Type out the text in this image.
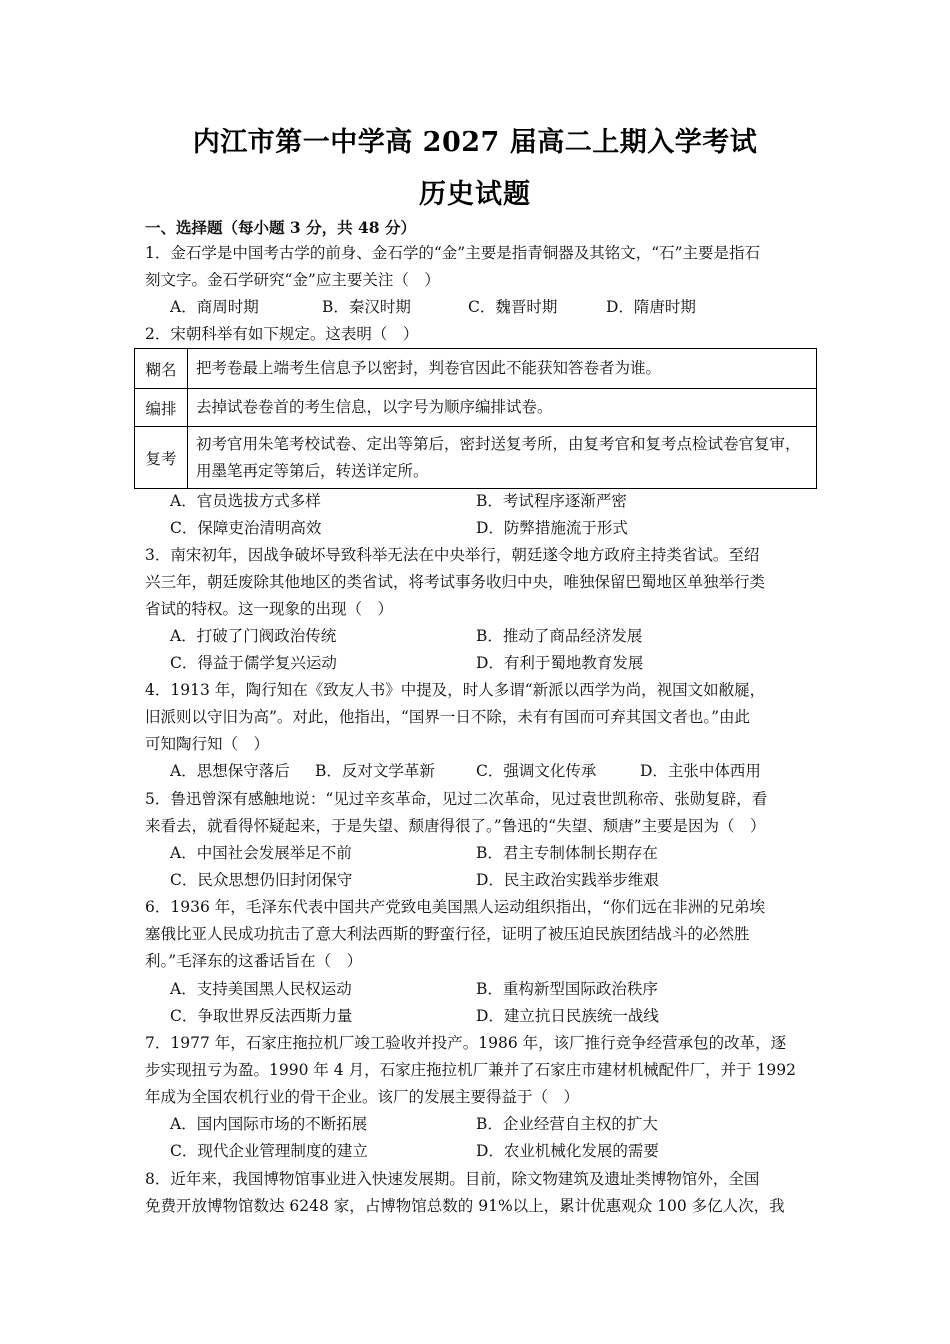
内江市第一中学高 2027 届高二上期入学考试
历史试题
一、选择题（每小题 3 分，共 48 分）
1．金石学是中国考古学的前身、金石学的“金”主要是指青铜器及其铭文，“石”主要是指石
刻文字。金石学研究“金”应主要关注（　）
A．商周时期	B．秦汉时期	C．魏晋时期	D．隋唐时期
2．宋朝科举有如下规定。这表明（　）
糊名	把考卷最上端考生信息予以密封，判卷官因此不能获知答卷者为谁。
编排	去掉试卷卷首的考生信息，以字号为顺序编排试卷。
复考	初考官用朱笔考校试卷、定出等第后，密封送复考所，由复考官和复考点检试卷官复审，用墨笔再定等第后，转送详定所。
A．官员选拔方式多样	B．考试程序逐渐严密
C．保障吏治清明高效	D．防弊措施流于形式
3．南宋初年，因战争破坏导致科举无法在中央举行，朝廷遂令地方政府主持类省试。至绍
兴三年，朝廷废除其他地区的类省试，将考试事务收归中央，唯独保留巴蜀地区单独举行类
省试的特权。这一现象的出现（　）
A．打破了门阀政治传统	B．推动了商品经济发展
C．得益于儒学复兴运动	D．有利于蜀地教育发展
4．1913 年，陶行知在《致友人书》中提及，时人多谓“新派以西学为尚，视国文如敝屣，
旧派则以守旧为高”。对此，他指出，“国界一日不除，未有有国而可弃其国文者也。”由此
可知陶行知（　）
A．思想保守落后 B．反对文学革新	C．强调文化传承	D．主张中体西用
5．鲁迅曾深有感触地说：“见过辛亥革命，见过二次革命，见过袁世凯称帝、张勋复辟，看
来看去，就看得怀疑起来，于是失望、颓唐得很了。”鲁迅的“失望、颓唐”主要是因为（　）
A．中国社会发展举足不前	B．君主专制体制长期存在
C．民众思想仍旧封闭保守	D．民主政治实践举步维艰
6．1936 年，毛泽东代表中国共产党致电美国黑人运动组织指出，“你们远在非洲的兄弟埃
塞俄比亚人民成功抗击了意大利法西斯的野蛮行径，证明了被压迫民族团结战斗的必然胜
利。”毛泽东的这番话旨在（　）
A．支持美国黑人民权运动	B．重构新型国际政治秩序
C．争取世界反法西斯力量	D．建立抗日民族统一战线
7．1977 年，石家庄拖拉机厂竣工验收并投产。1986 年，该厂推行竞争经营承包的改革，逐
步实现扭亏为盈。1990 年 4 月，石家庄拖拉机厂兼并了石家庄市建材机械配件厂，并于 1992
年成为全国农机行业的骨干企业。该厂的发展主要得益于（　）
A．国内国际市场的不断拓展	B．企业经营自主权的扩大
C．现代企业管理制度的建立	D．农业机械化发展的需要
8．近年来，我国博物馆事业进入快速发展期。目前，除文物建筑及遗址类博物馆外，全国
免费开放博物馆数达 6248 家，占博物馆总数的 91%以上，累计优惠观众 100 多亿人次，我
